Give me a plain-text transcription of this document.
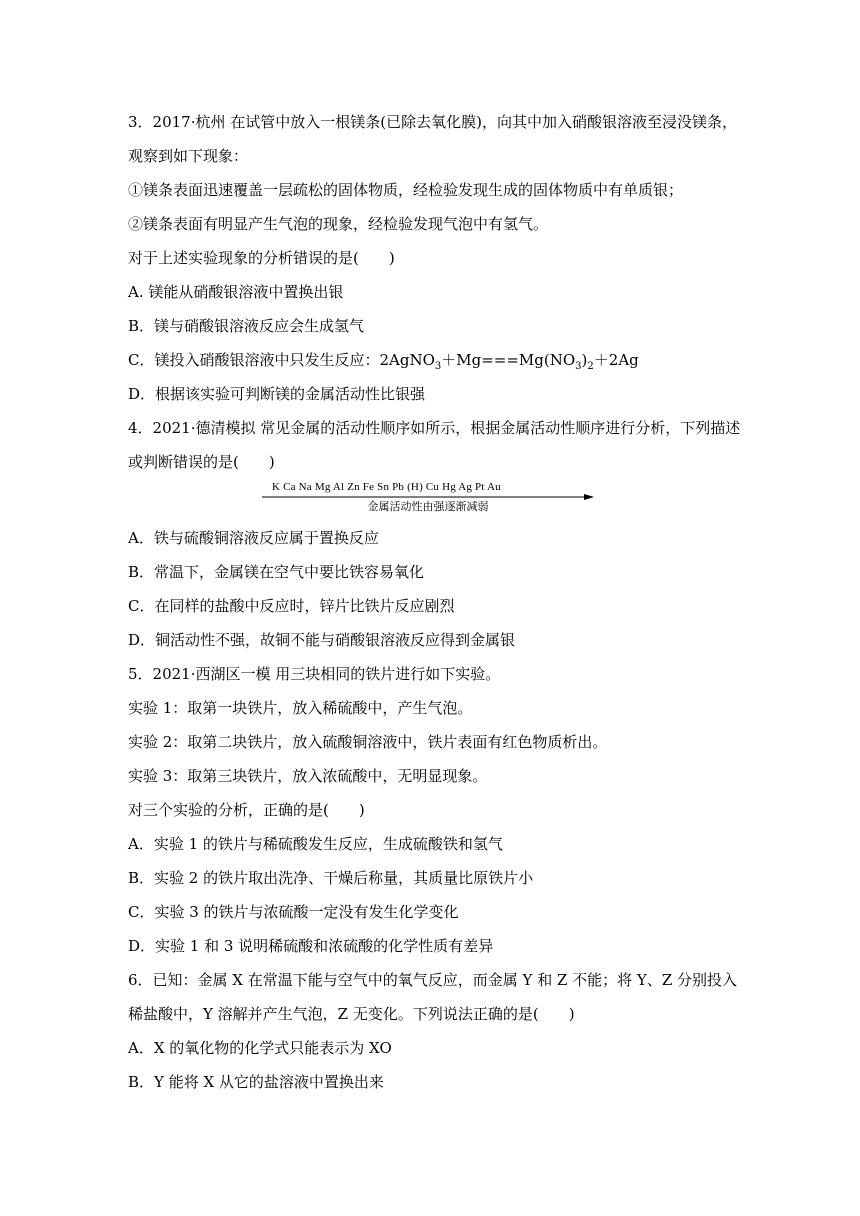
3．2017·杭州 在试管中放入一根镁条(已除去氧化膜)，向其中加入硝酸银溶液至浸没镁条，
观察到如下现象：
①镁条表面迅速覆盖一层疏松的固体物质，经检验发现生成的固体物质中有单质银；
②镁条表面有明显产生气泡的现象，经检验发现气泡中有氢气。
对于上述实验现象的分析错误的是(　　)
A. 镁能从硝酸银溶液中置换出银
B．镁与硝酸银溶液反应会生成氢气
C．镁投入硝酸银溶液中只发生反应：$2AgNO_3+Mg===Mg(NO_3)_2+2Ag$
D．根据该实验可判断镁的金属活动性比银强
4．2021·德清模拟 常见金属的活动性顺序如所示，根据金属活动性顺序进行分析，下列描述
或判断错误的是(　　)
K Ca Na Mg Al Zn Fe Sn Pb (H) Cu Hg Ag Pt Au
金属活动性由强逐渐减弱
A．铁与硫酸铜溶液反应属于置换反应
B．常温下，金属镁在空气中要比铁容易氧化
C．在同样的盐酸中反应时，锌片比铁片反应剧烈
D．铜活动性不强，故铜不能与硝酸银溶液反应得到金属银
5．2021·西湖区一模 用三块相同的铁片进行如下实验。
实验 1：取第一块铁片，放入稀硫酸中，产生气泡。
实验 2：取第二块铁片，放入硫酸铜溶液中，铁片表面有红色物质析出。
实验 3：取第三块铁片，放入浓硫酸中，无明显现象。
对三个实验的分析，正确的是(　　)
A．实验 1 的铁片与稀硫酸发生反应，生成硫酸铁和氢气
B．实验 2 的铁片取出洗净、干燥后称量，其质量比原铁片小
C．实验 3 的铁片与浓硫酸一定没有发生化学变化
D．实验 1 和 3 说明稀硫酸和浓硫酸的化学性质有差异
6．已知：金属 X 在常温下能与空气中的氧气反应，而金属 Y 和 Z 不能；将 Y、Z 分别投入
稀盐酸中，Y 溶解并产生气泡，Z 无变化。下列说法正确的是(　　)
A．X 的氧化物的化学式只能表示为 XO
B．Y 能将 X 从它的盐溶液中置换出来
